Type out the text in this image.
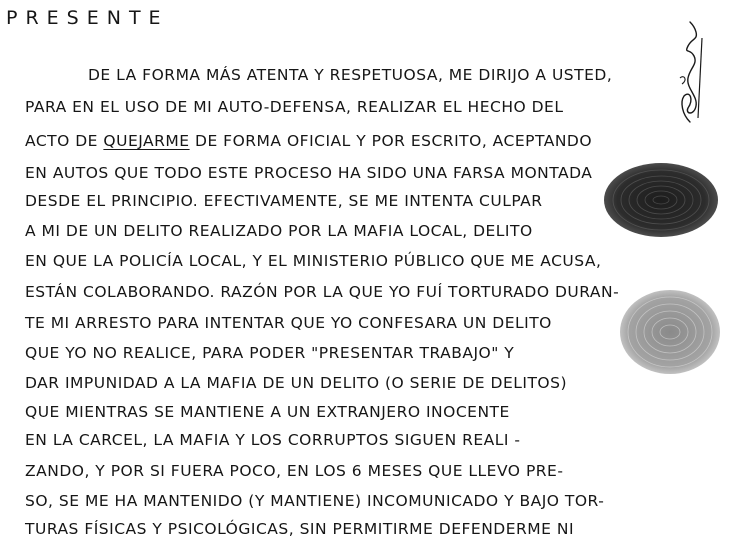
PRESENTE
DE LA FORMA MÁS ATENTA Y RESPETUOSA, ME DIRIJO A USTED,
PARA EN EL USO DE MI AUTO-DEFENSA, REALIZAR EL HECHO DEL
ACTO DE QUEJARME DE FORMA OFICIAL Y POR ESCRITO, ACEPTANDO
EN AUTOS QUE TODO ESTE PROCESO HA SIDO UNA FARSA MONTADA
DESDE EL PRINCIPIO. EFECTIVAMENTE, SE ME INTENTA CULPAR
A MI DE UN DELITO REALIZADO POR LA MAFIA LOCAL, DELITO
EN QUE LA POLICÍA LOCAL, Y EL MINISTERIO PÚBLICO QUE ME ACUSA,
ESTÁN COLABORANDO. RAZÓN POR LA QUE YO FUÍ TORTURADO DURAN-
TE MI ARRESTO PARA INTENTAR QUE YO CONFESARA UN DELITO
QUE YO NO REALICE, PARA PODER "PRESENTAR TRABAJO" Y
DAR IMPUNIDAD A LA MAFIA DE UN DELITO (O SERIE DE DELITOS)
QUE MIENTRAS SE MANTIENE A UN EXTRANJERO INOCENTE
EN LA CARCEL, LA MAFIA Y LOS CORRUPTOS SIGUEN REALI -
ZANDO, Y POR SI FUERA POCO, EN LOS 6 MESES QUE LLEVO PRE-
SO, SE ME HA MANTENIDO (Y MANTIENE) INCOMUNICADO Y BAJO TOR-
TURAS FÍSICAS Y PSICOLÓGICAS, SIN PERMITIRME DEFENDERME NI
